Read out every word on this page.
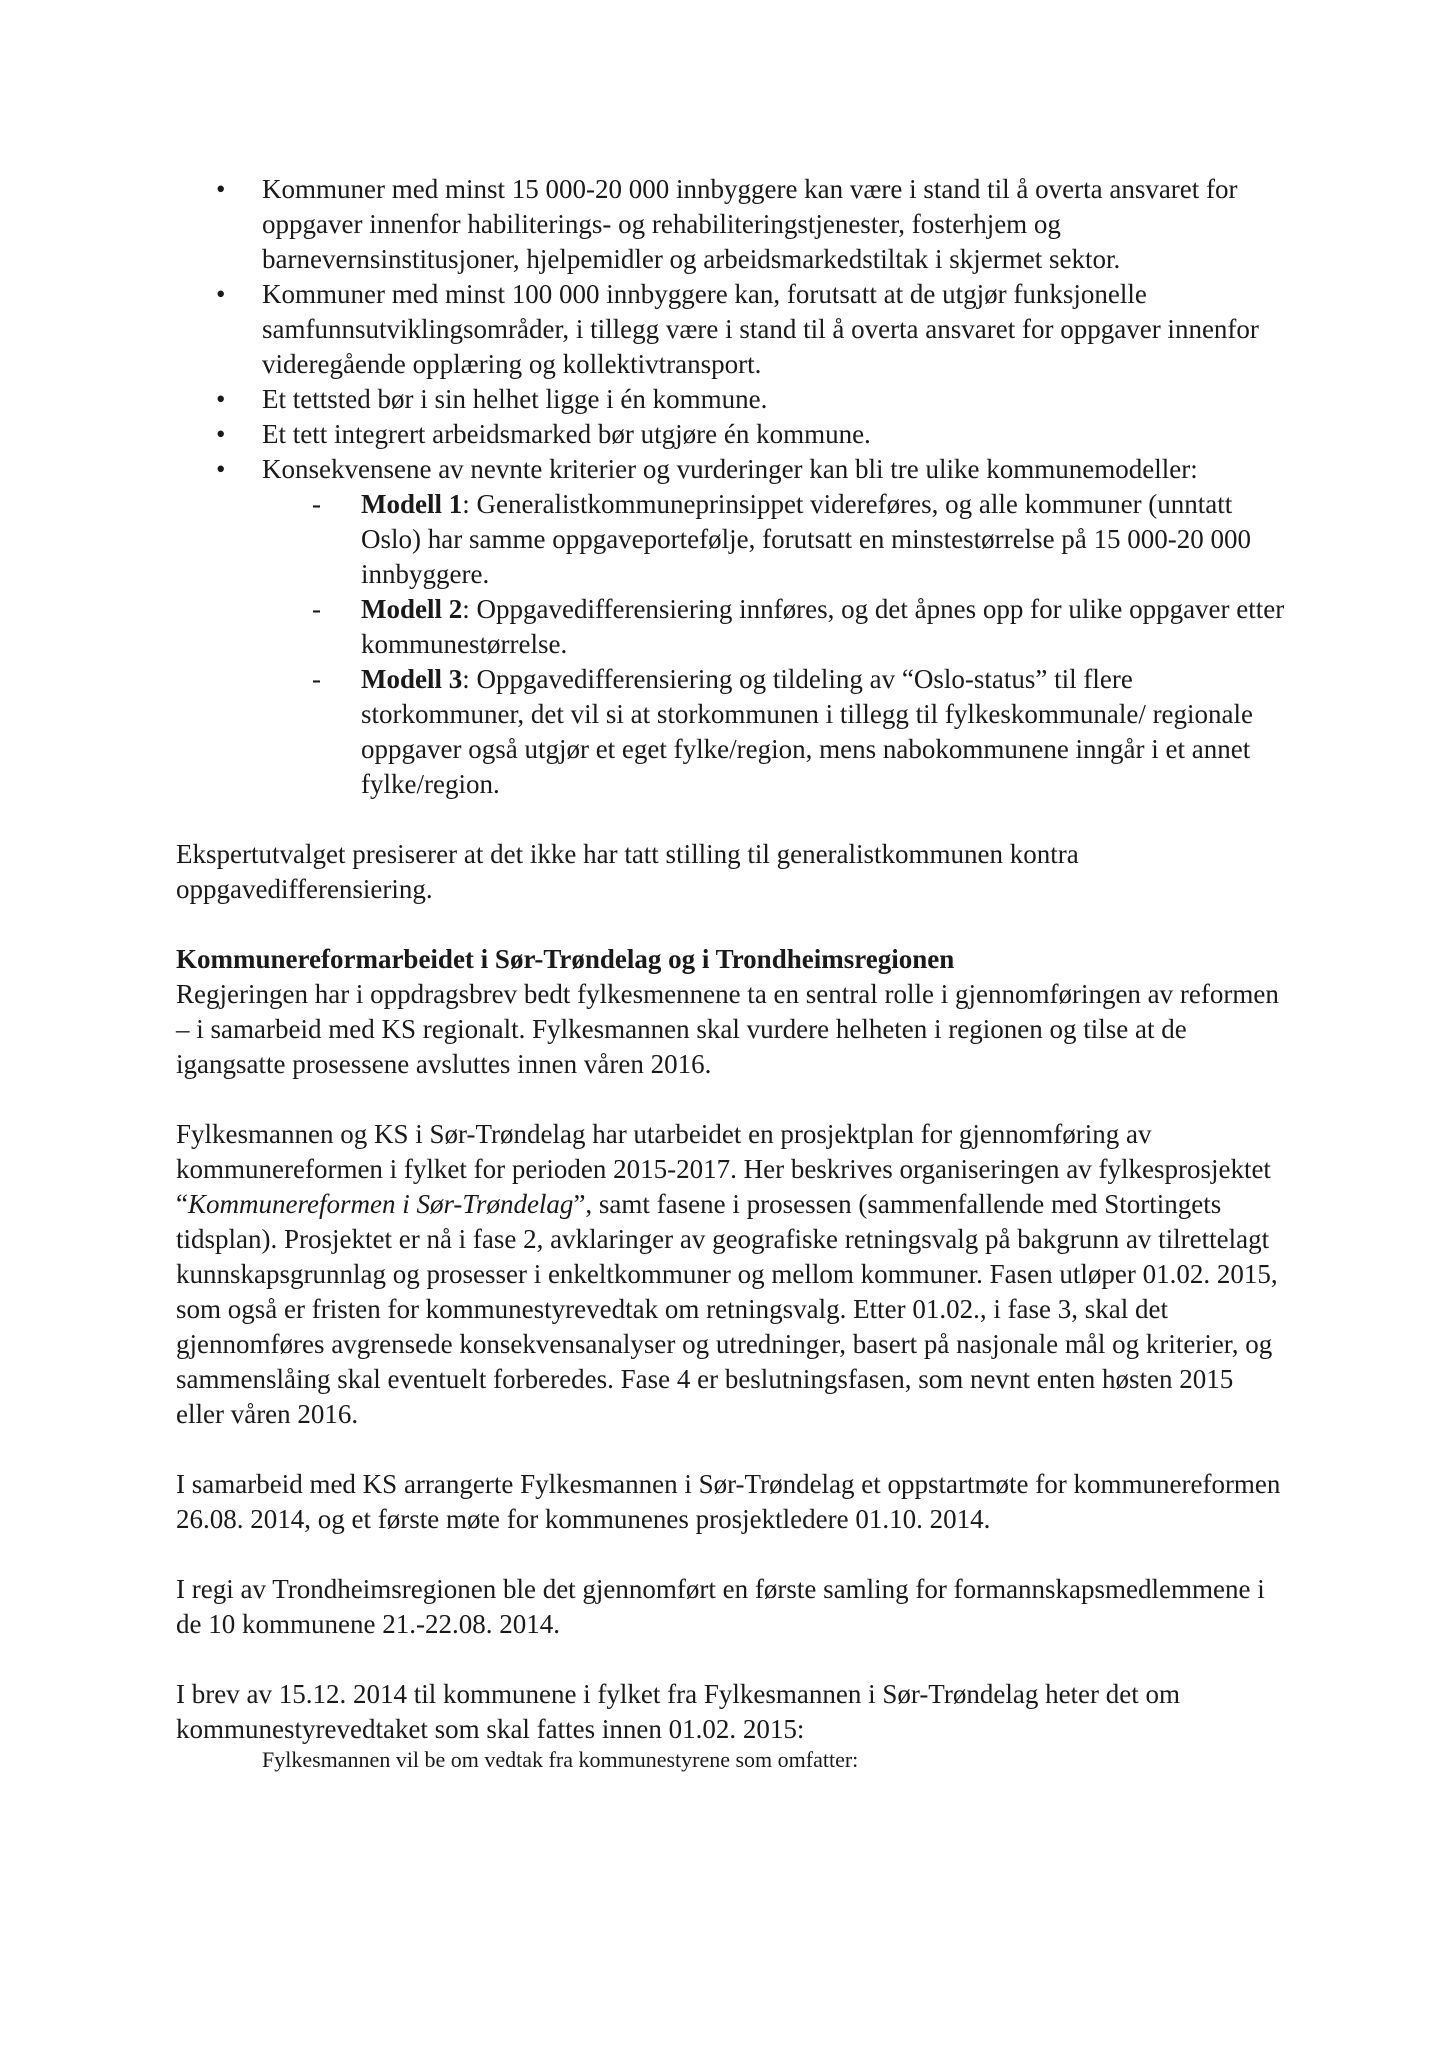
• Kommuner med minst 15 000-20 000 innbyggere kan være i stand til å overta ansvaret for oppgaver innenfor habiliterings- og rehabiliteringstjenester, fosterhjem og barnevernsinstitusjoner, hjelpemidler og arbeidsmarkedstiltak i skjermet sektor.
• Kommuner med minst 100 000 innbyggere kan, forutsatt at de utgjør funksjonelle samfunnsutviklingsområder, i tillegg være i stand til å overta ansvaret for oppgaver innenfor videregående opplæring og kollektivtransport.
• Et tettsted bør i sin helhet ligge i én kommune.
• Et tett integrert arbeidsmarked bør utgjøre én kommune.
• Konsekvensene av nevnte kriterier og vurderinger kan bli tre ulike kommunemodeller:
- Modell 1: Generalistkommuneprinsippet videreføres, og alle kommuner (unntatt Oslo) har samme oppgaveportefølje, forutsatt en minstestørrelse på 15 000-20 000 innbyggere.
- Modell 2: Oppgavedifferensiering innføres, og det åpnes opp for ulike oppgaver etter kommunestørrelse.
- Modell 3: Oppgavedifferensiering og tildeling av “Oslo-status” til flere storkommuner, det vil si at storkommunen i tillegg til fylkeskommunale/ regionale oppgaver også utgjør et eget fylke/region, mens nabokommunene inngår i et annet fylke/region.

Ekspertutvalget presiserer at det ikke har tatt stilling til generalistkommunen kontra oppgavedifferensiering.

Kommunereformarbeidet i Sør-Trøndelag og i Trondheimsregionen

Regjeringen har i oppdragsbrev bedt fylkesmennene ta en sentral rolle i gjennomføringen av reformen – i samarbeid med KS regionalt. Fylkesmannen skal vurdere helheten i regionen og tilse at de igangsatte prosessene avsluttes innen våren 2016.

Fylkesmannen og KS i Sør-Trøndelag har utarbeidet en prosjektplan for gjennomføring av kommunereformen i fylket for perioden 2015-2017. Her beskrives organiseringen av fylkesprosjektet “Kommunereformen i Sør-Trøndelag”, samt fasene i prosessen (sammenfallende med Stortingets tidsplan). Prosjektet er nå i fase 2, avklaringer av geografiske retningsvalg på bakgrunn av tilrettelagt kunnskapsgrunnlag og prosesser i enkeltkommuner og mellom kommuner. Fasen utløper 01.02. 2015, som også er fristen for kommunestyrevedtak om retningsvalg. Etter 01.02., i fase 3, skal det gjennomføres avgrensede konsekvensanalyser og utredninger, basert på nasjonale mål og kriterier, og sammenslåing skal eventuelt forberedes. Fase 4 er beslutningsfasen, som nevnt enten høsten 2015 eller våren 2016.

I samarbeid med KS arrangerte Fylkesmannen i Sør-Trøndelag et oppstartmøte for kommunereformen 26.08. 2014, og et første møte for kommunenes prosjektledere 01.10. 2014.

I regi av Trondheimsregionen ble det gjennomført en første samling for formannskapsmedlemmene i de 10 kommunene 21.-22.08. 2014.

I brev av 15.12. 2014 til kommunene i fylket fra Fylkesmannen i Sør-Trøndelag heter det om kommunestyrevedtaket som skal fattes innen 01.02. 2015:

Fylkesmannen vil be om vedtak fra kommunestyrene som omfatter:
